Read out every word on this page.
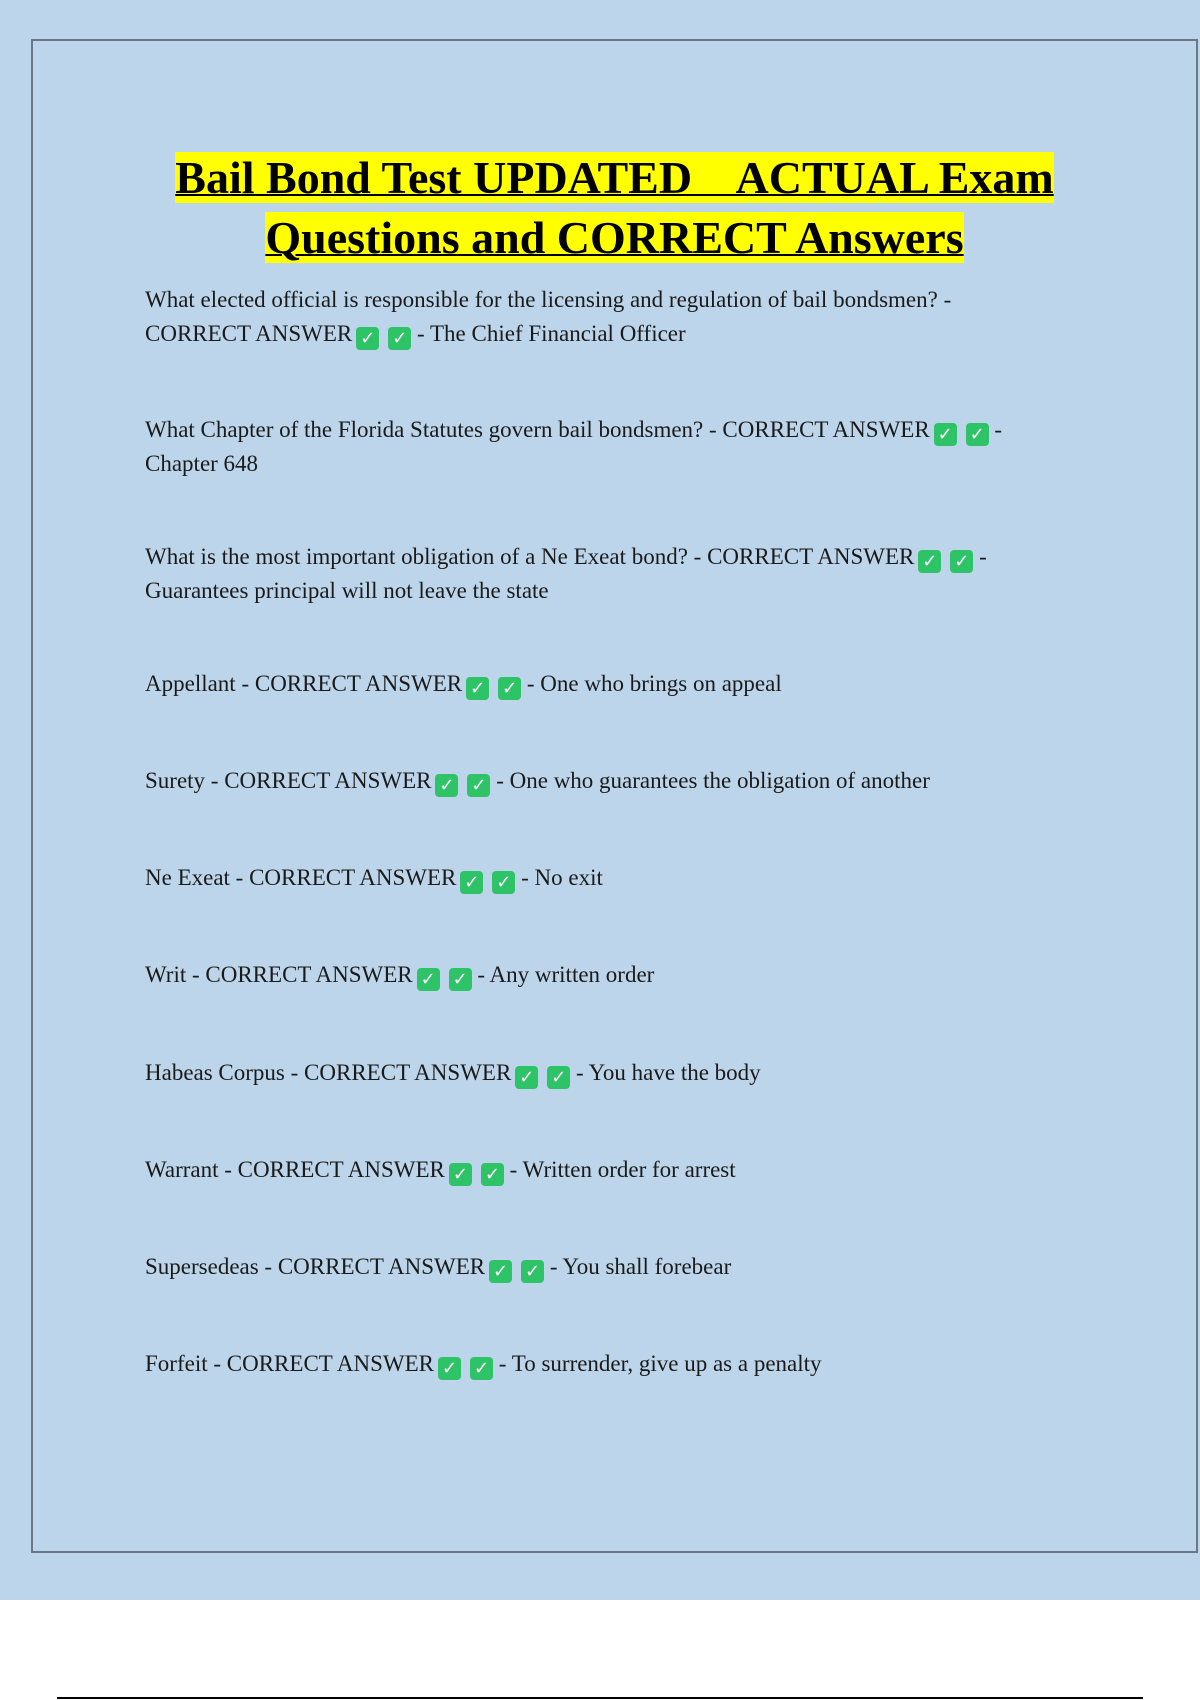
Bail Bond Test UPDATED    ACTUAL Exam
Questions and CORRECT Answers
What elected official is responsible for the licensing and regulation of bail bondsmen? - CORRECT ANSWER ✓ ✓ - The Chief Financial Officer
What Chapter of the Florida Statutes govern bail bondsmen? - CORRECT ANSWER ✓ ✓ - Chapter 648
What is the most important obligation of a Ne Exeat bond? - CORRECT ANSWER ✓ ✓ - Guarantees principal will not leave the state
Appellant - CORRECT ANSWER ✓ ✓ - One who brings on appeal
Surety - CORRECT ANSWER ✓ ✓ - One who guarantees the obligation of another
Ne Exeat - CORRECT ANSWER ✓ ✓ - No exit
Writ - CORRECT ANSWER ✓ ✓ - Any written order
Habeas Corpus - CORRECT ANSWER ✓ ✓ - You have the body
Warrant - CORRECT ANSWER ✓ ✓ - Written order for arrest
Supersedeas - CORRECT ANSWER ✓ ✓ - You shall forebear
Forfeit - CORRECT ANSWER ✓ ✓ - To surrender, give up as a penalty
